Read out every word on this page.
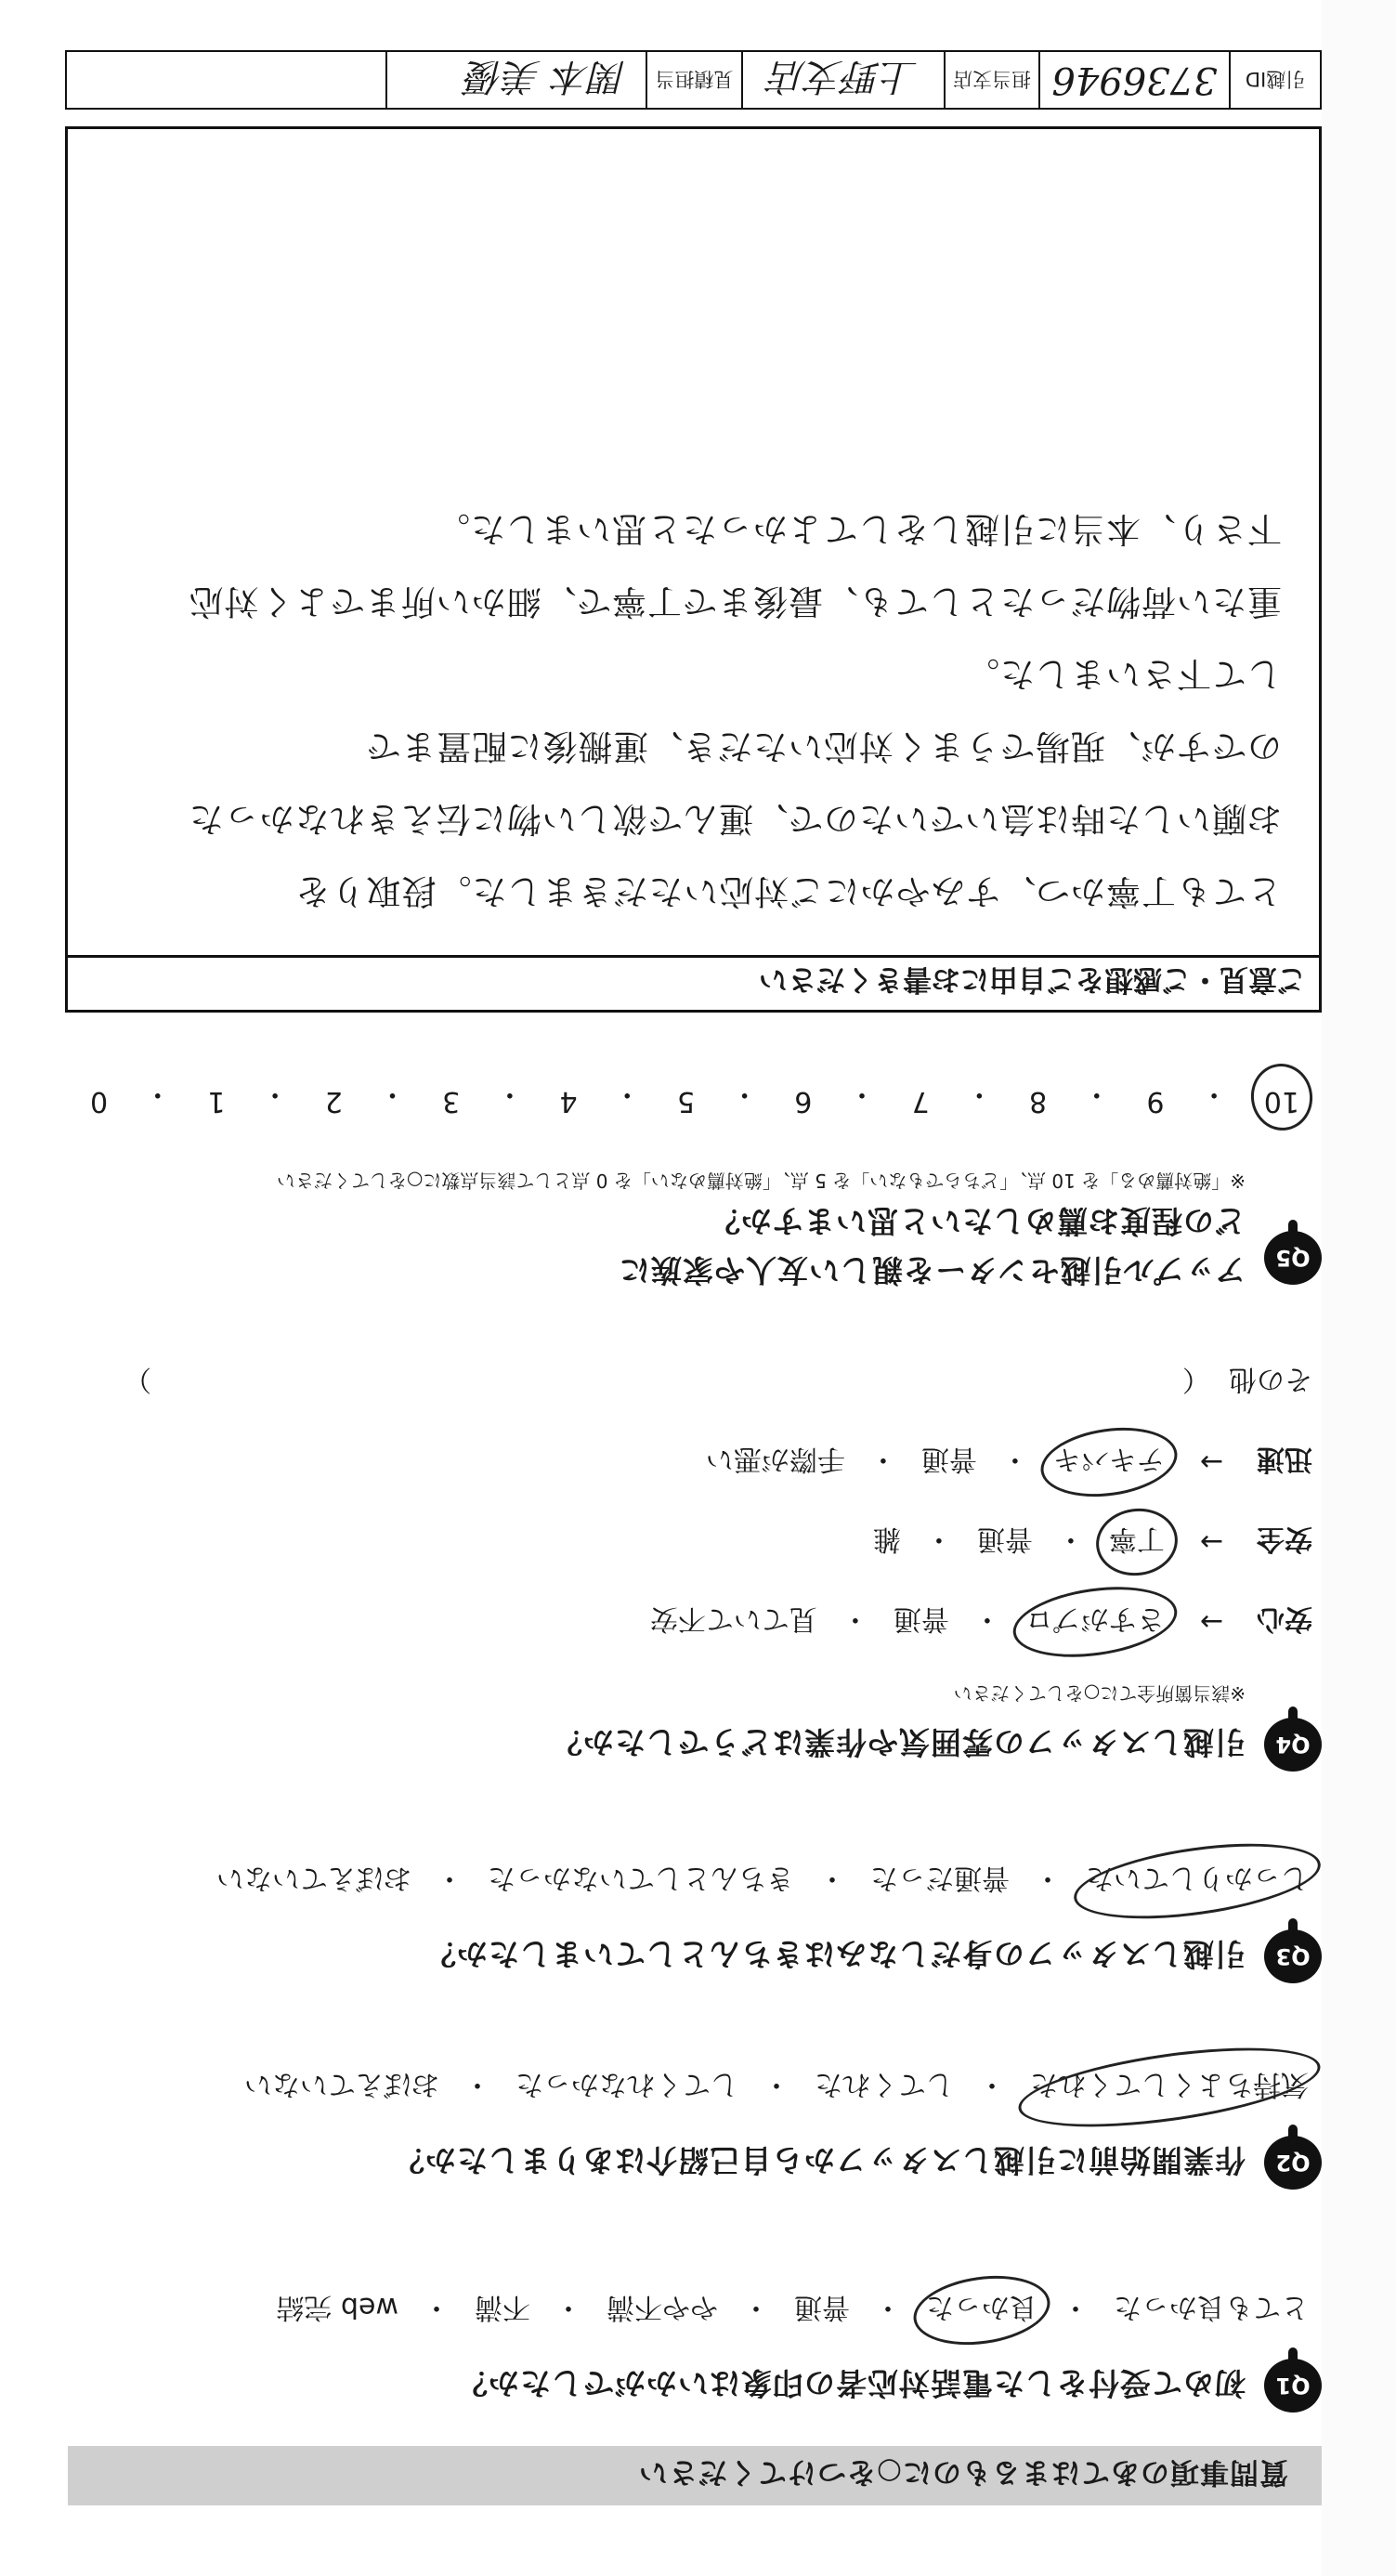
質問事項のあてはまるものに○をつけてください
Q1
初めて受付をした電話対応者の印象はいかがでしたか？
とても良かった
・
良かった
・
普通
・
やや不満
・
不満
・
web 完結
Q2
作業開始前に引越しスタッフから自己紹介はありましたか？
気持ちよくしてくれた
・
してくれた
・
してくれなかった
・
おぼえていない
Q3
引越しスタッフの身だしなみはきちんとしていましたか？
しっかりしていた
・
普通だった
・
きちんとしていなかった
・
おぼえていない
Q4
引越しスタッフの雰囲気や作業はどうでしたか？
※該当箇所全てに○をしてください
安心
→
さすがプロ
・
普通
・
見ていて不安
安全
→
丁寧
・
普通
・
雑
迅速
→
テキパキ
・
普通
・
手際が悪い
その他
（
）
Q5
アップル引越センターを親しい友人や家族に
どの程度お薦めしたいと思いますか？
※「絶対薦める」を 10 点、「どちらでもない」を 5 点、「絶対薦めない」を 0 点として該当点数に○をしてください
10
・
9
・
8
・
7
・
6
・
5
・
4
・
3
・
2
・
1
・
0
ご意見・ご感想をご自由にお書きください
とても丁寧かつ、すみやかにご対応いただきました。段取りを
お願いした時は急いでいたので、運んで欲しい物に伝えきれなかった
のですが、現場でうまく対応いただき、運搬後に配置まで
して下さいました。
重たい荷物だったとしても、最後まで丁寧で、細かい所までよく対応
下さり、本当に引越しをしてよかったと思いました。
引越ID
3736946
担当支店
上野支店
見積担当
関本 美優
